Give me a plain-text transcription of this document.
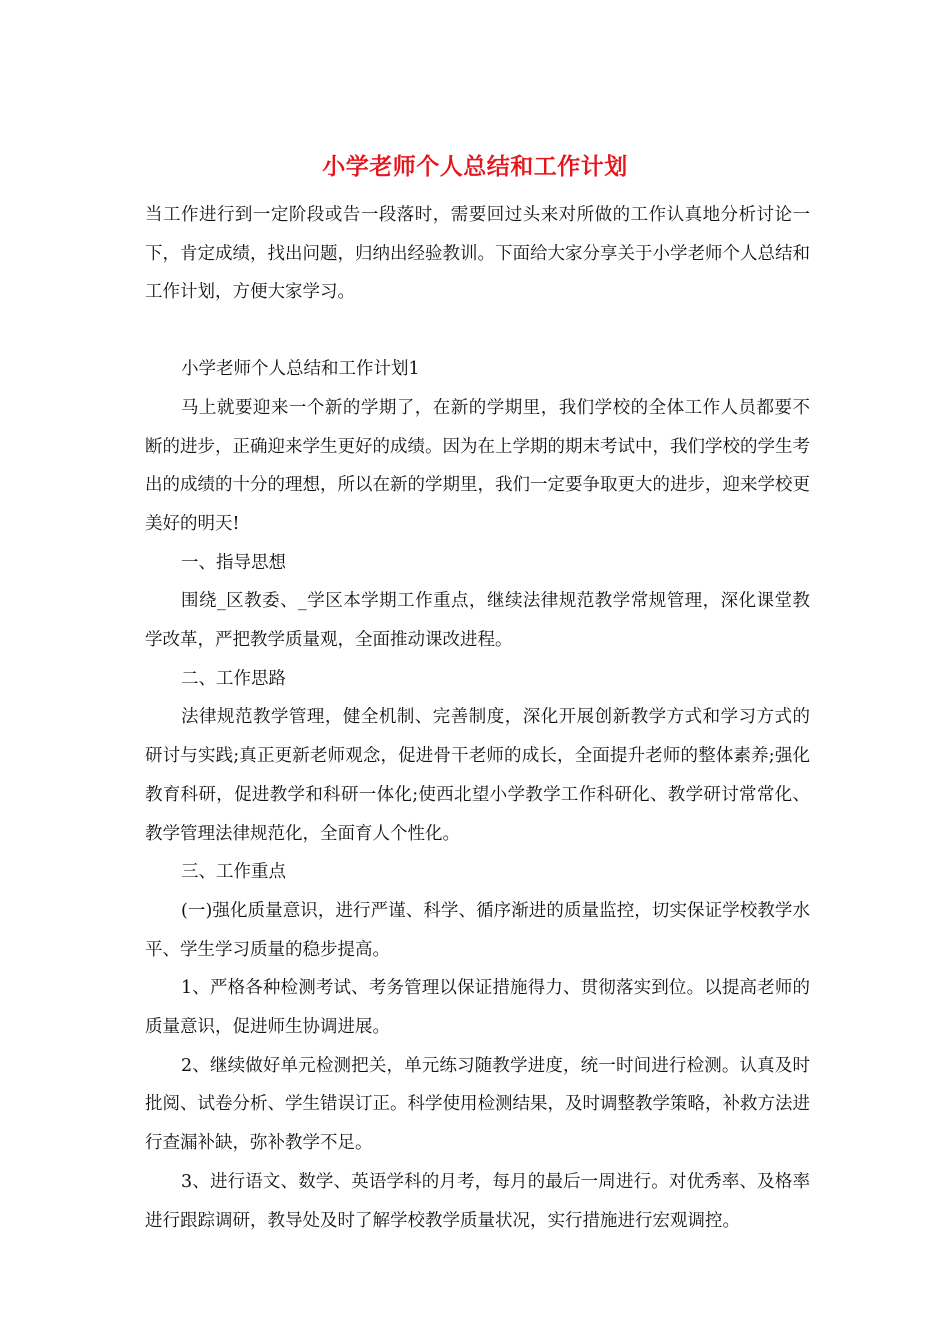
小学老师个人总结和工作计划

当工作进行到一定阶段或告一段落时，需要回过头来对所做的工作认真地分析讨论一下，肯定成绩，找出问题，归纳出经验教训。下面给大家分享关于小学老师个人总结和工作计划，方便大家学习。

小学老师个人总结和工作计划1

马上就要迎来一个新的学期了，在新的学期里，我们学校的全体工作人员都要不断的进步，正确迎来学生更好的成绩。因为在上学期的期末考试中，我们学校的学生考出的成绩的十分的理想，所以在新的学期里，我们一定要争取更大的进步，迎来学校更美好的明天!

一、指导思想

围绕_区教委、_学区本学期工作重点，继续法律规范教学常规管理，深化课堂教学改革，严把教学质量观，全面推动课改进程。

二、工作思路

法律规范教学管理，健全机制、完善制度，深化开展创新教学方式和学习方式的研讨与实践;真正更新老师观念，促进骨干老师的成长，全面提升老师的整体素养;强化教育科研，促进教学和科研一体化;使西北望小学教学工作科研化、教学研讨常常化、教学管理法律规范化，全面育人个性化。

三、工作重点

(一)强化质量意识，进行严谨、科学、循序渐进的质量监控，切实保证学校教学水平、学生学习质量的稳步提高。

1、严格各种检测考试、考务管理以保证措施得力、贯彻落实到位。以提高老师的质量意识，促进师生协调进展。

2、继续做好单元检测把关，单元练习随教学进度，统一时间进行检测。认真及时批阅、试卷分析、学生错误订正。科学使用检测结果，及时调整教学策略，补救方法进行查漏补缺，弥补教学不足。

3、进行语文、数学、英语学科的月考，每月的最后一周进行。对优秀率、及格率进行跟踪调研，教导处及时了解学校教学质量状况，实行措施进行宏观调控。
